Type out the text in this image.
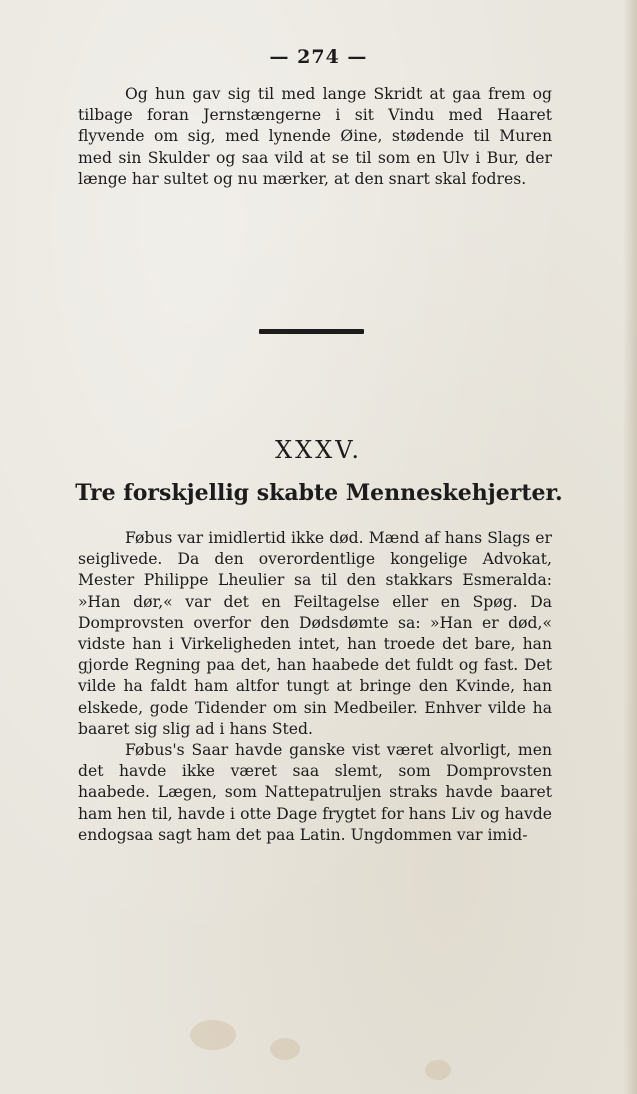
— 274 —

Og hun gav sig til med lange Skridt at gaa frem og tilbage foran Jernstængerne i sit Vindu med Haaret flyvende om sig, med lynende Øine, stødende til Muren med sin Skulder og saa vild at se til som en Ulv i Bur, der længe har sultet og nu mærker, at den snart skal fodres.

XXXV.
Tre forskjellig skabte Menneskehjerter.

Føbus var imidlertid ikke død. Mænd af hans Slags er seiglivede. Da den overordentlige kongelige Advokat, Mester Philippe Lheulier sa til den stakkars Esmeralda: »Han dør,« var det en Feiltagelse eller en Spøg. Da Domprovsten overfor den Dødsdømte sa: »Han er død,« vidste han i Virkeligheden intet, han troede det bare, han gjorde Regning paa det, han haabede det fuldt og fast. Det vilde ha faldt ham altfor tungt at bringe den Kvinde, han elskede, gode Tidender om sin Medbeiler. Enhver vilde ha baaret sig slig ad i hans Sted.

Føbus's Saar havde ganske vist været alvorligt, men det havde ikke været saa slemt, som Domprovsten haabede. Lægen, som Nattepatruljen straks havde baaret ham hen til, havde i otte Dage frygtet for hans Liv og havde endogsaa sagt ham det paa Latin. Ungdommen var imid-
